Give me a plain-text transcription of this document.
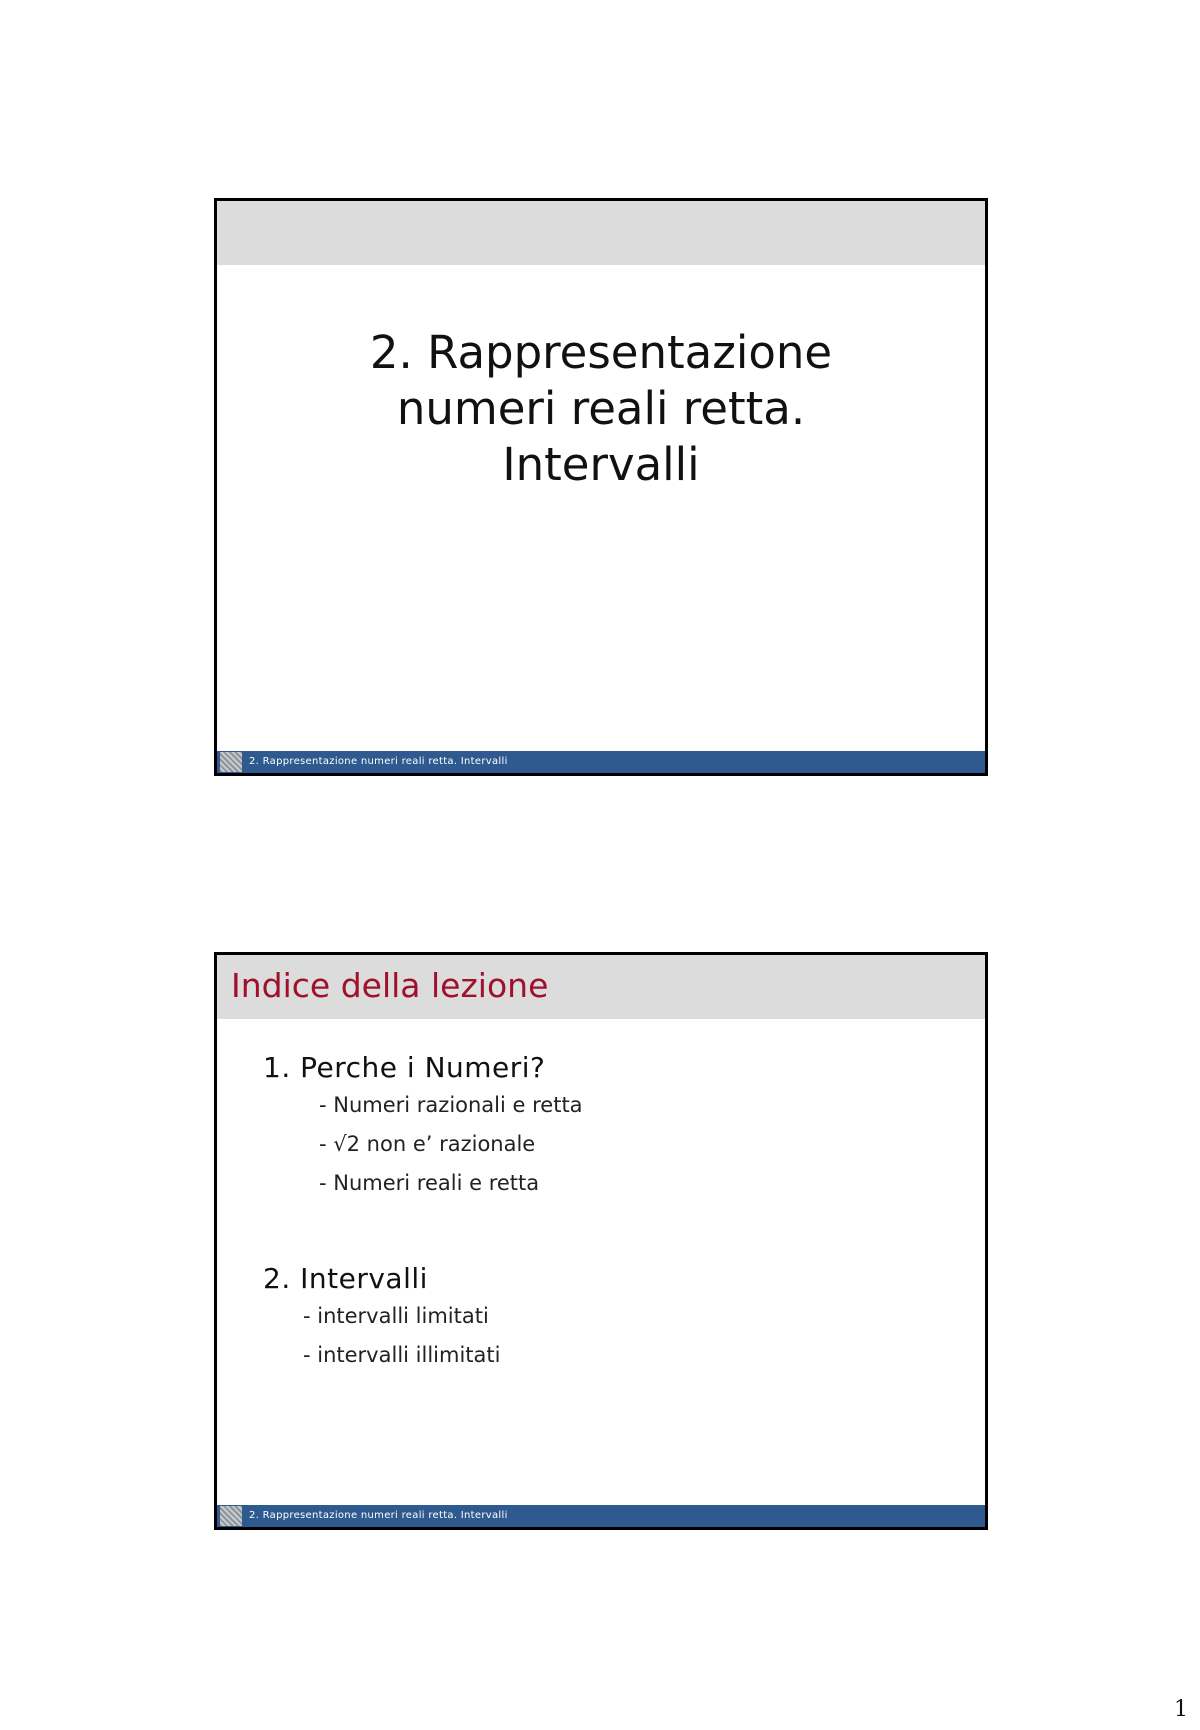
2. Rappresentazione
numeri reali retta.
Intervalli
2. Rappresentazione numeri reali retta. Intervalli
Indice della lezione
1. Perche i Numeri?
- Numeri razionali e retta
- √2 non e’ razionale
- Numeri reali e retta
2. Intervalli
- intervalli limitati
- intervalli illimitati
2. Rappresentazione numeri reali retta. Intervalli
1
